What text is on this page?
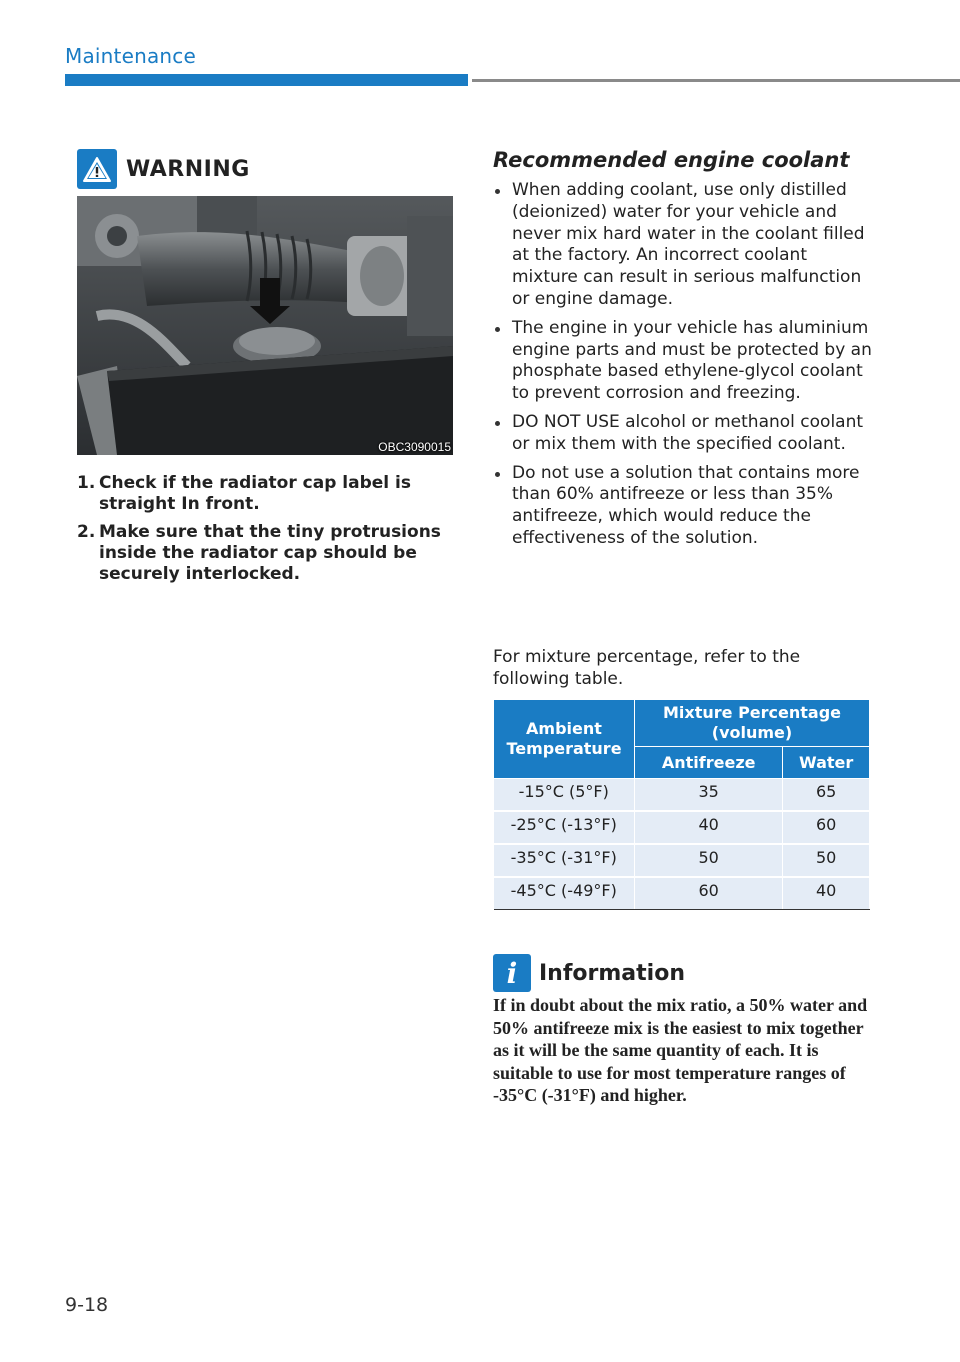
Maintenance
WARNING
OBC3090015
1. Check if the radiator cap label is straight In front.
2. Make sure that the tiny protrusions inside the radiator cap should be securely interlocked.
Recommended engine coolant
When adding coolant, use only distilled (deionized) water for your vehicle and never mix hard water in the coolant filled at the factory. An incorrect coolant mixture can result in serious malfunction or engine damage.
The engine in your vehicle has aluminium engine parts and must be protected by an phosphate based ethylene-glycol coolant to prevent corrosion and freezing.
DO NOT USE alcohol or methanol coolant or mix them with the specified coolant.
Do not use a solution that contains more than 60% antifreeze or less than 35% antifreeze, which would reduce the effectiveness of the solution.
For mixture percentage, refer to the following table.
Ambient Temperature	Mixture Percentage (volume)	
	Antifreeze	Water
-15°C (5°F)	35	65
-25°C (-13°F)	40	60
-35°C (-31°F)	50	50
-45°C (-49°F)	60	40
i Information
If in doubt about the mix ratio, a 50% water and 50% antifreeze mix is the easiest to mix together as it will be the same quantity of each. It is suitable to use for most temperature ranges of -35°C (-31°F) and higher.
9-18
